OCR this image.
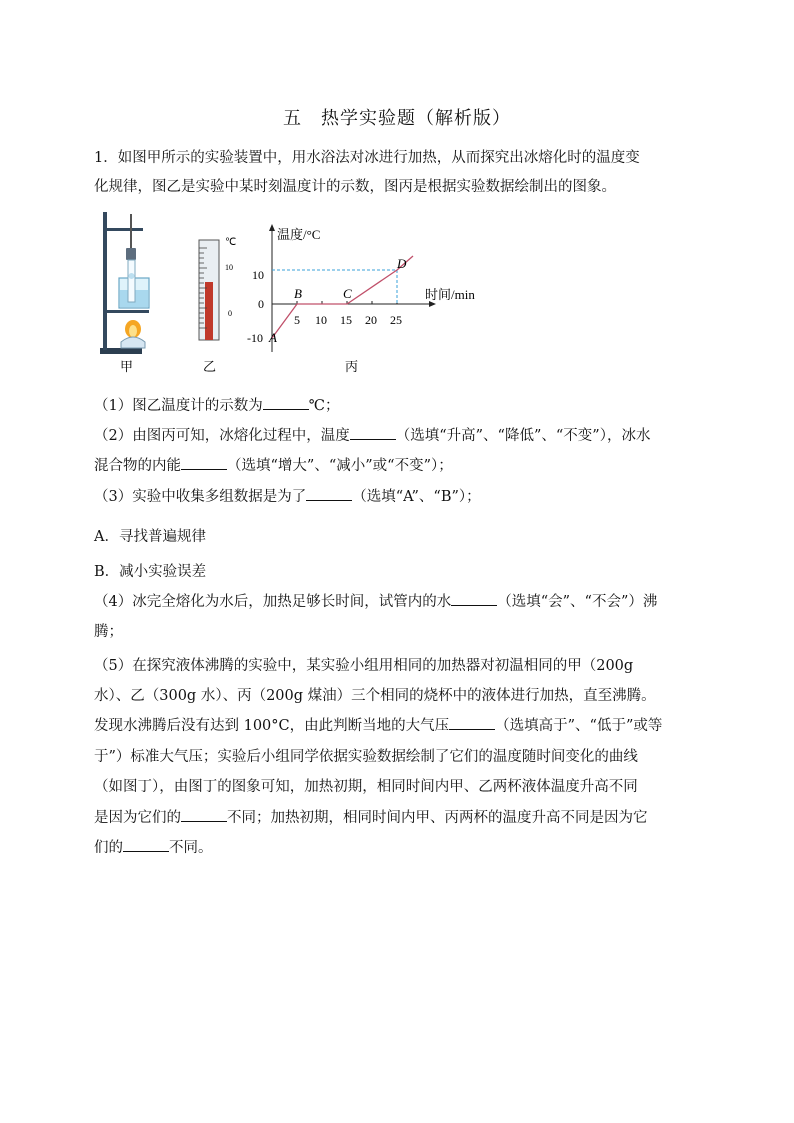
五　热学实验题（解析版）
1．如图甲所示的实验装置中，用水浴法对冰进行加热，从而探究出冰熔化时的温度变
化规律，图乙是实验中某时刻温度计的示数，图丙是根据实验数据绘制出的图象。
甲
℃
10
0
乙
温度/°C
时间/min
10
0
-10
5 10 15 20 25
A
B	C
D
丙
（1）图乙温度计的示数为	℃；
（2）由图丙可知，冰熔化过程中，温度	（选填“升高”、“降低”、“不变”），冰水
混合物的内能	（选填“增大”、“减小”或“不变”）；
（3）实验中收集多组数据是为了	（选填“A”、“B”）；
A．寻找普遍规律
B．减小实验误差
（4）冰完全熔化为水后，加热足够长时间，试管内的水	（选填“会”、“不会”）沸
腾；
（5）在探究液体沸腾的实验中，某实验小组用相同的加热器对初温相同的甲（200g
水）、乙（300g 水）、丙（200g 煤油）三个相同的烧杯中的液体进行加热，直至沸腾。
发现水沸腾后没有达到 100°C，由此判断当地的大气压	（选填高于”、“低于”或等
于”）标准大气压；实验后小组同学依据实验数据绘制了它们的温度随时间变化的曲线
（如图丁），由图丁的图象可知，加热初期，相同时间内甲、乙两杯液体温度升高不同
是因为它们的	不同；加热初期，相同时间内甲、丙两杯的温度升高不同是因为它
们的	不同。
